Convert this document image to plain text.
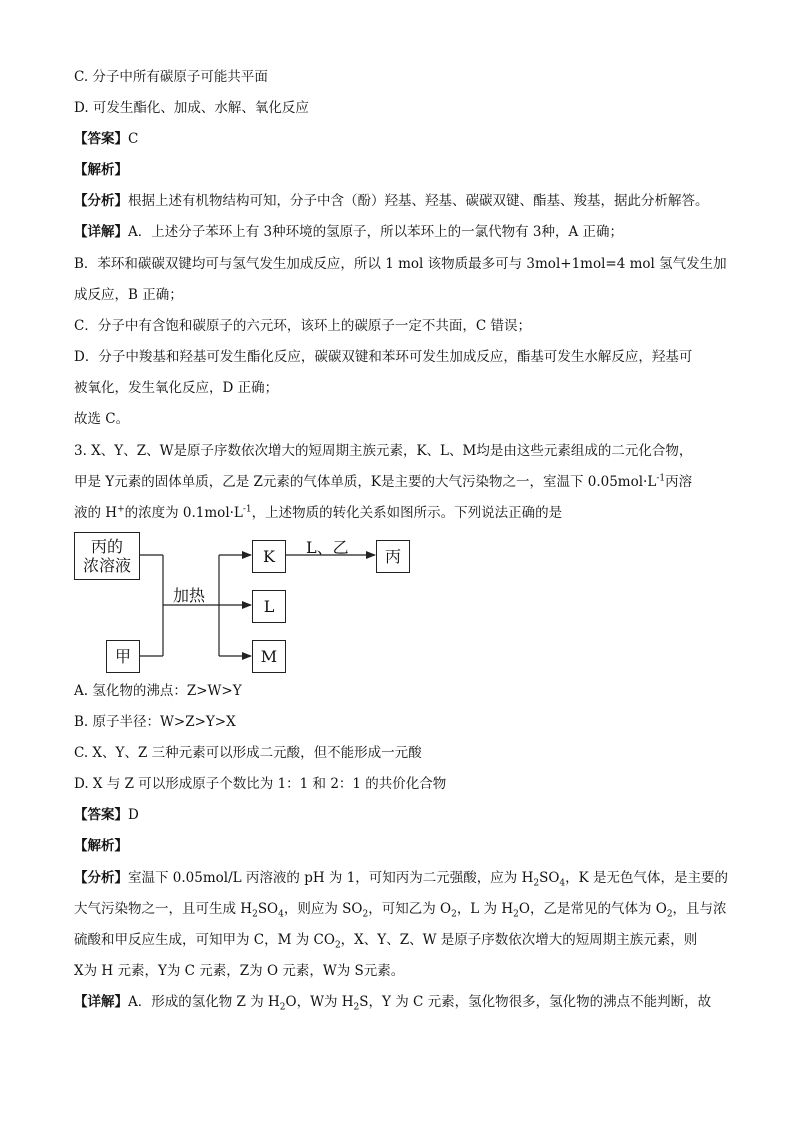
C. 分子中所有碳原子可能共平面
D. 可发生酯化、加成、水解、氧化反应
【答案】C
【解析】
【分析】根据上述有机物结构可知，分子中含（酚）羟基、羟基、碳碳双键、酯基、羧基，据此分析解答。
【详解】A．上述分子苯环上有 3种环境的氢原子，所以苯环上的一氯代物有 3种，A 正确；
B．苯环和碳碳双键均可与氢气发生加成反应，所以 1 mol 该物质最多可与 3mol+1mol=4 mol 氢气发生加
成反应，B 正确；
C．分子中有含饱和碳原子的六元环，该环上的碳原子一定不共面，C 错误；
D．分子中羧基和羟基可发生酯化反应，碳碳双键和苯环可发生加成反应，酯基可发生水解反应，羟基可
被氧化，发生氧化反应，D 正确；
故选 C。
3. X、Y、Z、W是原子序数依次增大的短周期主族元素，K、L、M均是由这些元素组成的二元化合物，
甲是 Y元素的固体单质，乙是 Z元素的气体单质，K是主要的大气污染物之一，室温下 $0.05mol\cdot L^{-1}$丙溶
液的 H+的浓度为 $0.1mol\cdot L^{-1}$，上述物质的转化关系如图所示。下列说法正确的是
丙的
浓溶液
甲
加热
K
L
M
L、乙	丙
A. 氢化物的沸点：Z>W>Y
B. 原子半径：W>Z>Y>X
C. X、Y、Z 三种元素可以形成二元酸，但不能形成一元酸
D. X 与 Z 可以形成原子个数比为 1：1 和 2：1 的共价化合物
【答案】D
【解析】
【分析】室温下 0.05mol/L 丙溶液的 pH 为 1，可知丙为二元强酸，应为 $H_2SO_4$，K 是无色气体，是主要的
大气污染物之一，且可生成 $H_2SO_4$，则应为 $SO_2$，可知乙为 $O_2$，L 为 $H_2O$，乙是常见的气体为 $O_2$，且与浓
硫酸和甲反应生成，可知甲为 C，M 为 $CO_2$，X、Y、Z、W 是原子序数依次增大的短周期主族元素，则
X为 H 元素，Y为 C 元素，Z为 O 元素，W为 S元素。
【详解】A．形成的氢化物 Z 为 $H_2O$，W为 $H_2S$，Y 为 C 元素，氢化物很多，氢化物的沸点不能判断，故
